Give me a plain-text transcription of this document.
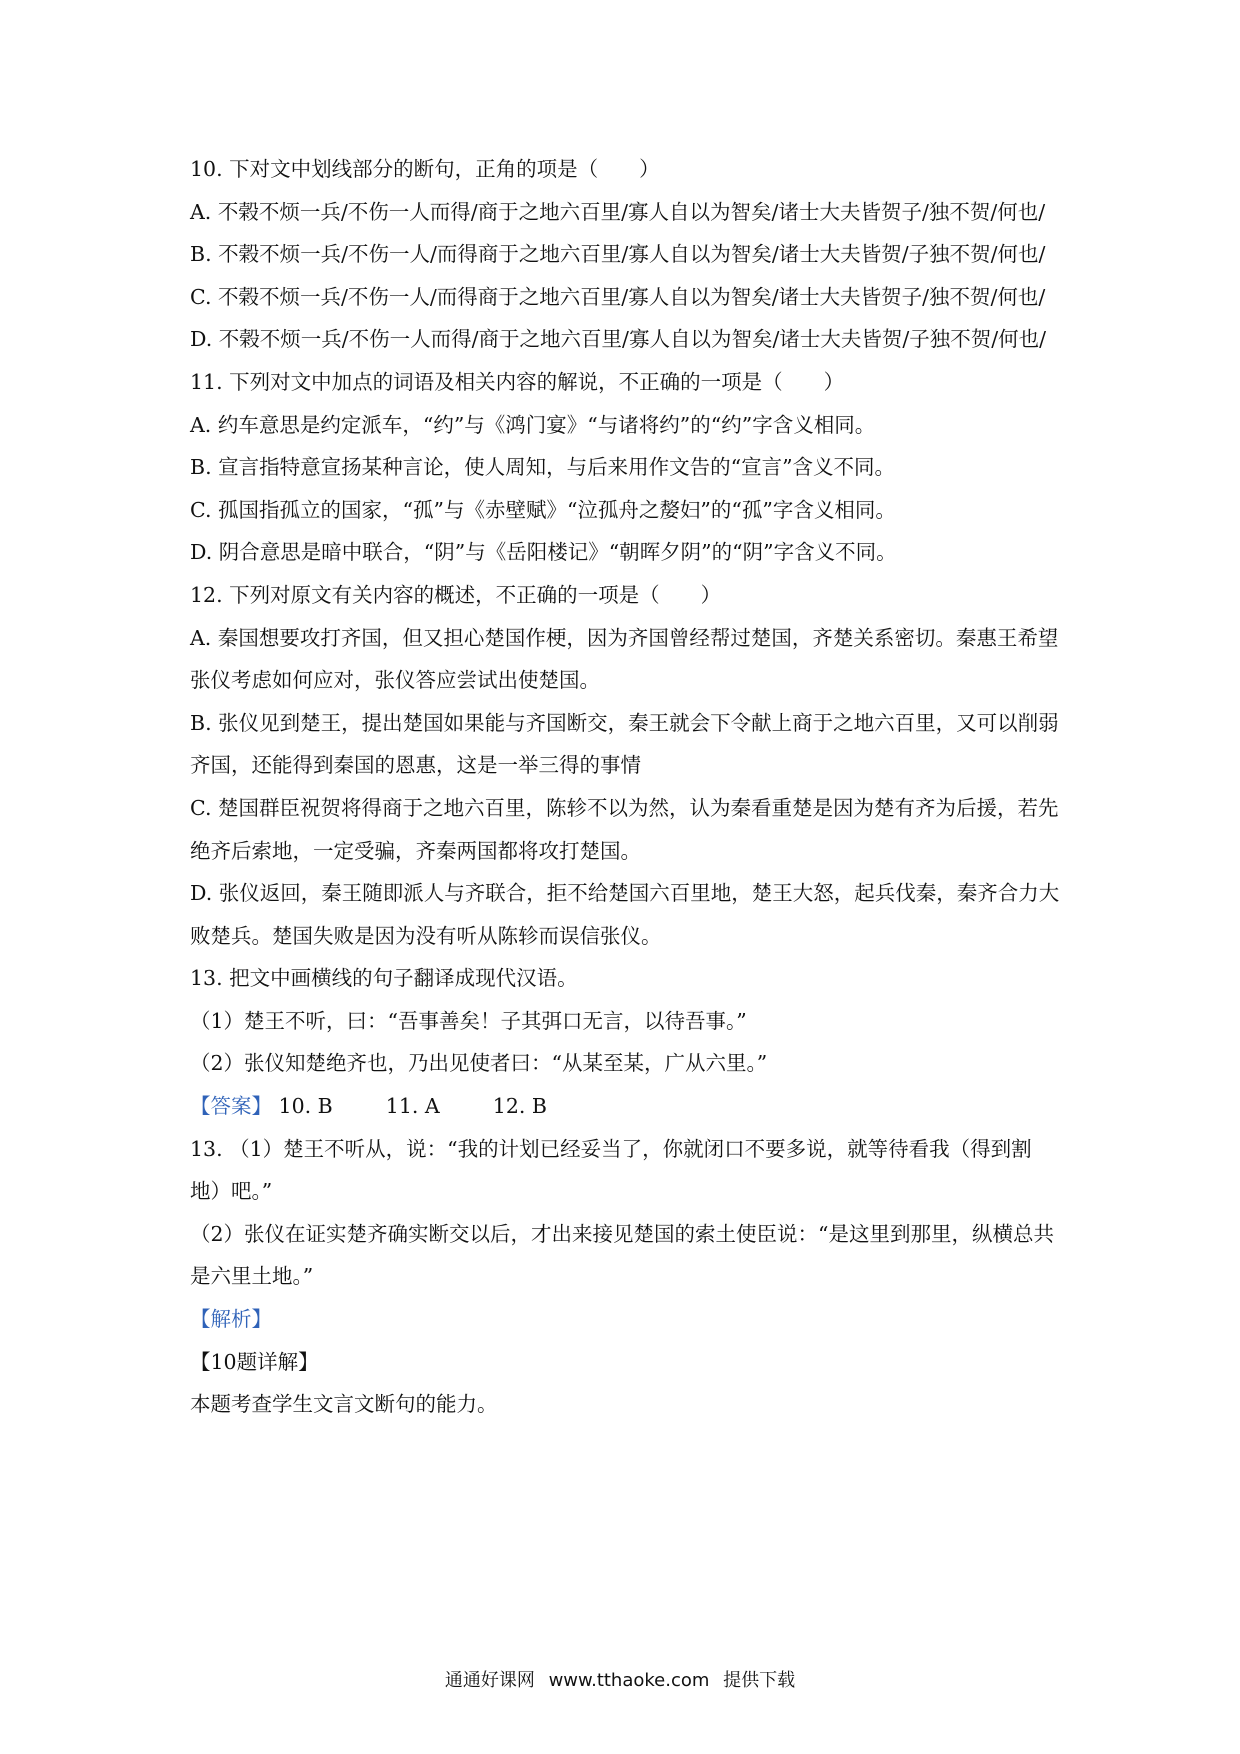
10. 下对文中划线部分的断句，正角的项是（　　）
A. 不榖不烦一兵/不伤一人而得/商于之地六百里/寡人自以为智矣/诸士大夫皆贺子/独不贺/何也/
B. 不榖不烦一兵/不伤一人/而得商于之地六百里/寡人自以为智矣/诸士大夫皆贺/子独不贺/何也/
C. 不榖不烦一兵/不伤一人/而得商于之地六百里/寡人自以为智矣/诸士大夫皆贺子/独不贺/何也/
D. 不榖不烦一兵/不伤一人而得/商于之地六百里/寡人自以为智矣/诸士大夫皆贺/子独不贺/何也/
11. 下列对文中加点的词语及相关内容的解说，不正确的一项是（　　）
A. 约车意思是约定派车，“约”与《鸿门宴》“与诸将约”的“约”字含义相同。
B. 宣言指特意宣扬某种言论，使人周知，与后来用作文告的“宣言”含义不同。
C. 孤国指孤立的国家，“孤”与《赤壁赋》“泣孤舟之嫠妇”的“孤”字含义相同。
D. 阴合意思是暗中联合，“阴”与《岳阳楼记》“朝晖夕阴”的“阴”字含义不同。
12. 下列对原文有关内容的概述，不正确的一项是（　　）
A. 秦国想要攻打齐国，但又担心楚国作梗，因为齐国曾经帮过楚国，齐楚关系密切。秦惠王希望张仪考虑如何应对，张仪答应尝试出使楚国。
B. 张仪见到楚王，提出楚国如果能与齐国断交，秦王就会下令献上商于之地六百里，又可以削弱齐国，还能得到秦国的恩惠，这是一举三得的事情
C. 楚国群臣祝贺将得商于之地六百里，陈轸不以为然，认为秦看重楚是因为楚有齐为后援，若先绝齐后索地，一定受骗，齐秦两国都将攻打楚国。
D. 张仪返回，秦王随即派人与齐联合，拒不给楚国六百里地，楚王大怒，起兵伐秦，秦齐合力大败楚兵。楚国失败是因为没有听从陈轸而误信张仪。
13. 把文中画横线的句子翻译成现代汉语。
（1）楚王不听，曰：“吾事善矣！子其弭口无言，以待吾事。”
（2）张仪知楚绝齐也，乃出见使者曰：“从某至某，广从六里。”
【答案】 10. B	11. A	12. B
13. （1）楚王不听从，说：“我的计划已经妥当了，你就闭口不要多说，就等待看我（得到割地）吧。”
（2）张仪在证实楚齐确实断交以后，才出来接见楚国的索土使臣说：“是这里到那里，纵横总共是六里土地。”
【解析】
【10题详解】
本题考查学生文言文断句的能力。
通通好课网 www.tthaoke.com 提供下载
